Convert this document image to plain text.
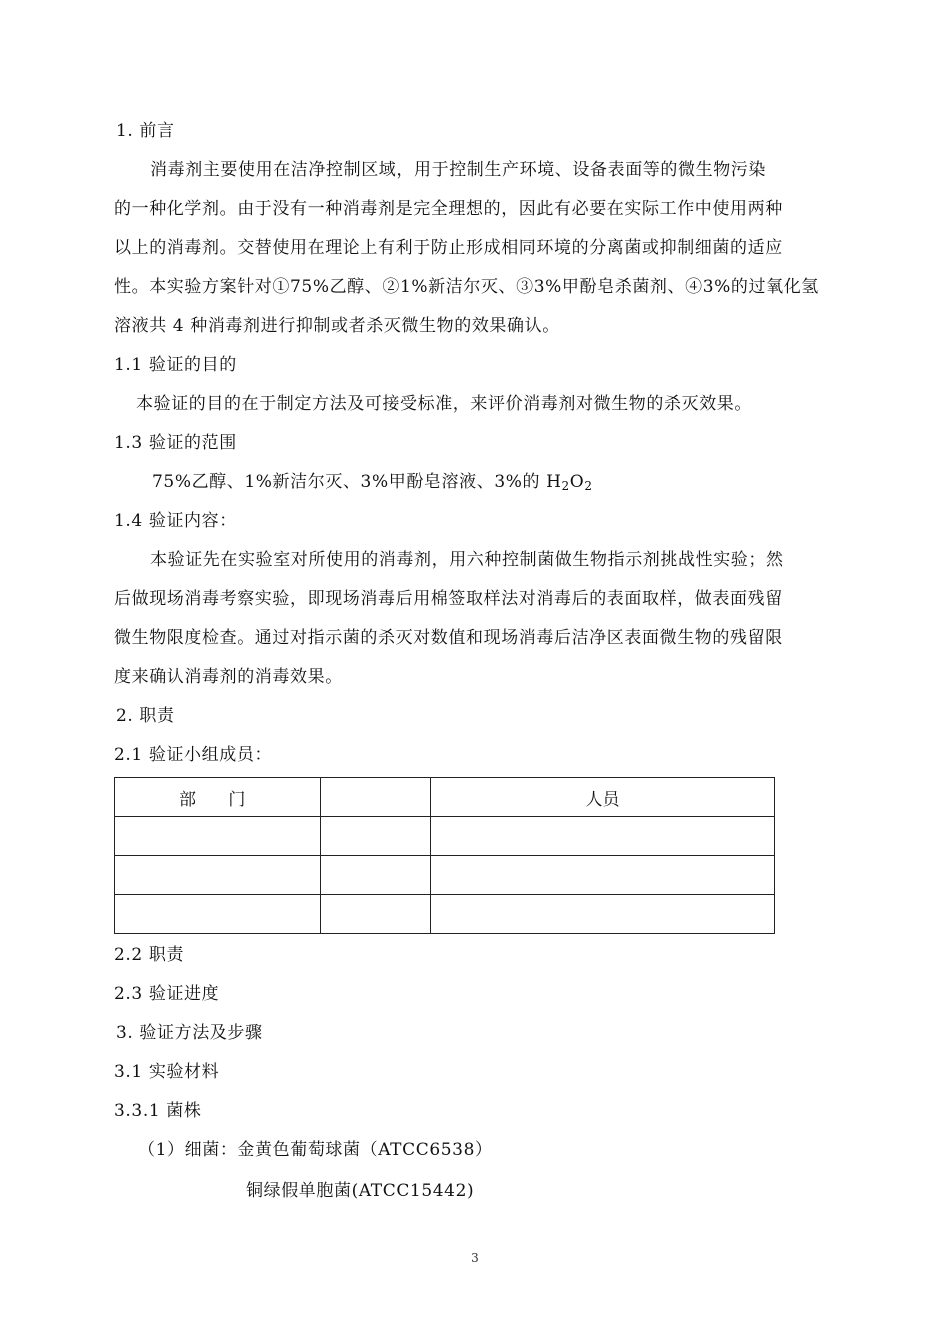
1. 前言
消毒剂主要使用在洁净控制区域，用于控制生产环境、设备表面等的微生物污染
的一种化学剂。由于没有一种消毒剂是完全理想的，因此有必要在实际工作中使用两种
以上的消毒剂。交替使用在理论上有利于防止形成相同环境的分离菌或抑制细菌的适应
性。本实验方案针对①75%乙醇、②1%新洁尔灭、③3%甲酚皂杀菌剂、④3%的过氧化氢
溶液共 4 种消毒剂进行抑制或者杀灭微生物的效果确认。
1.1 验证的目的
本验证的目的在于制定方法及可接受标准，来评价消毒剂对微生物的杀灭效果。
1.3 验证的范围
75%乙醇、1%新洁尔灭、3%甲酚皂溶液、3%的 $H_2O_2$
1.4 验证内容：
本验证先在实验室对所使用的消毒剂，用六种控制菌做生物指示剂挑战性实验；然
后做现场消毒考察实验，即现场消毒后用棉签取样法对消毒后的表面取样，做表面残留
微生物限度检查。通过对指示菌的杀灭对数值和现场消毒后洁净区表面微生物的残留限
度来确认消毒剂的消毒效果。
2. 职责
2.1 验证小组成员：
部      门		人员

2.2 职责
2.3 验证进度
3. 验证方法及步骤
3.1 实验材料
3.3.1 菌株
（1）细菌：金黄色葡萄球菌（ATCC6538）
铜绿假单胞菌(ATCC15442)
3
